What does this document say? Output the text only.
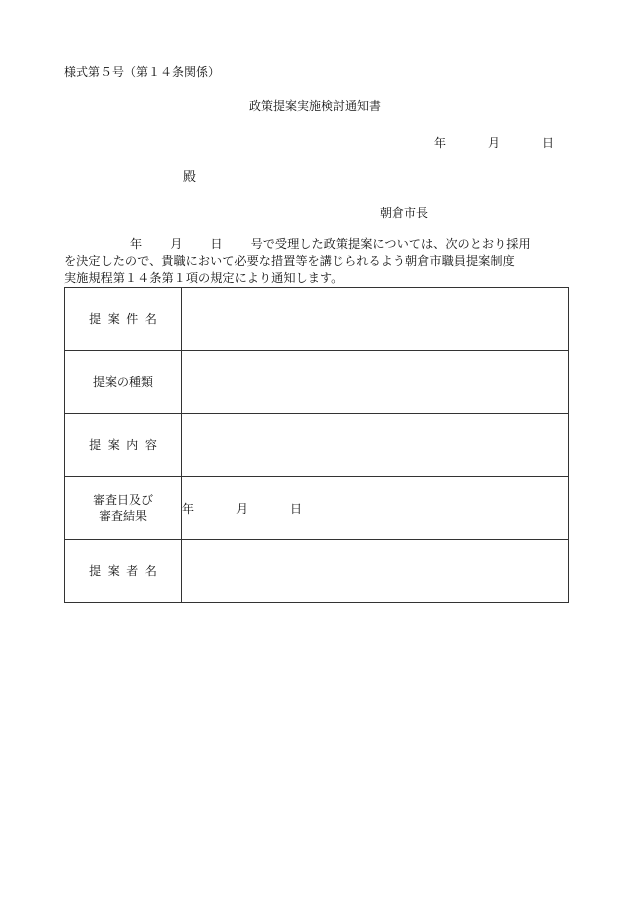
様式第５号（第１４条関係）
政策提案実施検討通知書
年	月	日
殿
朝倉市長
年 月 日 号で受理した政策提案については、次のとおり採用
を決定したので、貴職において必要な措置等を講じられるよう朝倉市職員提案制度
実施規程第１４条第１項の規定により通知します。
提案件名	
提案の種類	
提案内容	

審査日及び
審査結果	年 月 日
提案者名	
